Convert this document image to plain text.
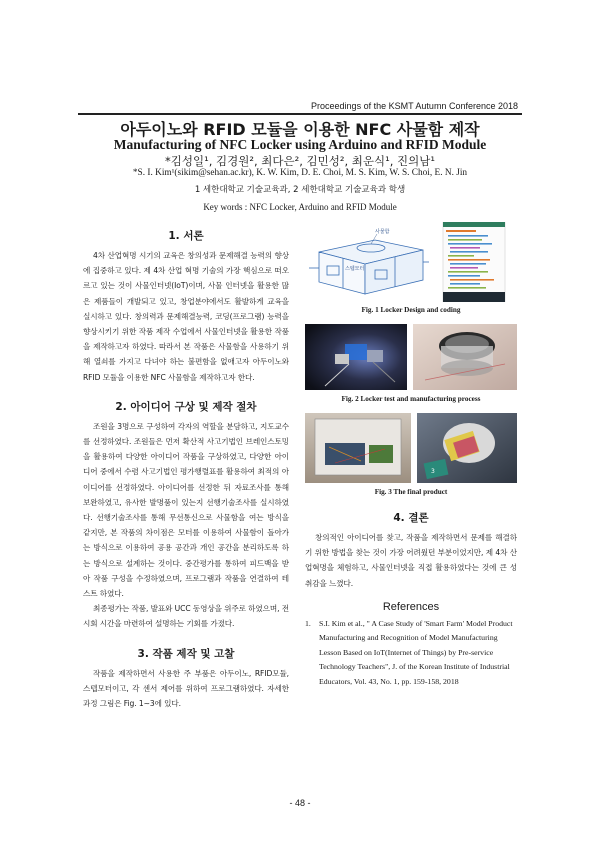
Proceedings of the KSMT Autumn Conference 2018
아두이노와 RFID 모듈을 이용한 NFC 사물함 제작
Manufacturing of NFC Locker using Arduino and RFID Module
*김성일¹, 김경원², 최다은², 김민성², 최운식¹, 진의남¹
*S. I. Kim¹(sikim@sehan.ac.kr), K. W. Kim, D. E. Choi, M. S. Kim, W. S. Choi, E. N. Jin
1 세한대학교 기술교육과, 2 세한대학교 기술교육과 학생
Key words : NFC Locker, Arduino and RFID Module
1. 서론

4차 산업혁명 시기의 교육은 창의성과 문제해결 능력의 향상에 집중하고 있다. 제 4차 산업 혁명 기술의 가장 핵심으로 떠오르고 있는 것이 사물인터넷(IoT)이며, 사물 인터넷을 활용한 많은 제품들이 개발되고 있고, 창업분야에서도 활발하게 교육을 실시하고 있다. 창의력과 문제해결능력, 코딩(프로그램) 능력을 향상시키기 위한 작품 제작 수업에서 사물인터넷을 활용한 작품을 제작하고자 하였다. 따라서 본 작품은 사물함을 사용하기 위해 열쇠를 가지고 다녀야 하는 불편함을 없애고자 아두이노와 RFID 모듈을 이용한 NFC 사물함을 제작하고자 한다.

2. 아이디어 구상 및 제작 절차

조원을 3명으로 구성하여 각자의 역할을 분담하고, 지도교수를 선정하였다. 조원들은 먼저 확산적 사고기법인 브레인스토밍을 활용하여 다양한 아이디어 작품을 구상하였고, 다양한 아이디어 중에서 수렴 사고기법인 평가행렬표를 활용하여 최적의 아이디어를 선정하였다. 아이디어를 선정한 뒤 자료조사를 통해 보완하였고, 유사한 발명품이 있는지 선행기술조사를 실시하였다. 선행기술조사를 통해 무선통신으로 사물함을 여는 방식을 같지만, 본 작품의 차이점은 모터를 이용하여 사물함이 돌아가는 방식으로 이용하여 공용 공간과 개인 공간을 분리하도록 하는 방식으로 설계하는 것이다. 중간평가를 통하여 피드백을 받아 작품 구성을 수정하였으며, 프로그램과 작품을 연결하여 테스트 하였다.

최종평가는 작품, 발표와 UCC 동영상을 위주로 하였으며, 전시회 시간을 마련하여 설명하는 기회를 가졌다.

3. 작품 제작 및 고찰

작품을 제작하면서 사용한 주 부품은 아두이노, RFID모듈, 스텝모터이고, 각 센서 제어를 위하여 프로그램하였다. 자세한 과정 그림은 Fig. 1~3에 있다.

스텝모터
사물함
Fig. 1 Locker Design and coding
Fig. 2 Locker test and manufacturing process
3
Fig. 3 The final product
4. 결론

창의적인 아이디어를 찾고, 작품을 제작하면서 문제를 해결하기 위한 방법을 찾는 것이 가장 어려웠던 부분이었지만, 제 4차 산업혁명을 체험하고, 사물인터넷을 직접 활용하였다는 것에 큰 성취감을 느꼈다.

References
1.	S.I. Kim et al., " A Case Study of 'Smart Farm' Model Product Manufacturing and Recognition of Model Manufacturing Lesson Based on IoT(Internet of Things) by Pre-service Technology Teachers", J. of the Korean Institute of Industrial Educators, Vol. 43, No. 1, pp. 159-158, 2018
- 48 -
